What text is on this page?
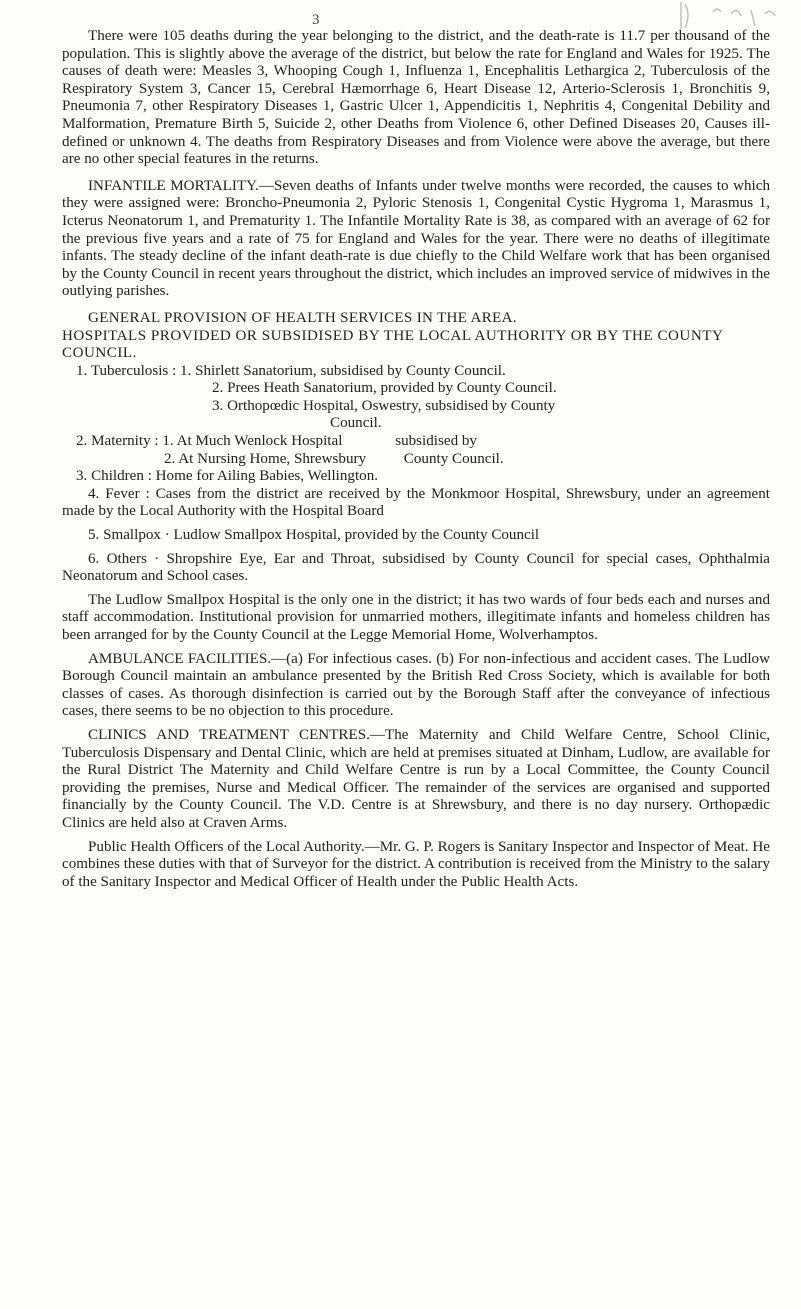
3

There were 105 deaths during the year belonging to the district, and the death-rate is 11.7 per thousand of the population. This is slightly above the average of the district, but below the rate for England and Wales for 1925. The causes of death were: Measles 3, Whooping Cough 1, Influenza 1, Encephalitis Lethargica 2, Tuberculosis of the Respiratory System 3, Cancer 15, Cerebral Hæmorrhage 6, Heart Disease 12, Arterio-Sclerosis 1, Bronchitis 9, Pneumonia 7, other Respiratory Diseases 1, Gastric Ulcer 1, Appendicitis 1, Nephritis 4, Congenital Debility and Malformation, Premature Birth 5, Suicide 2, other Deaths from Violence 6, other Defined Diseases 20, Causes ill-defined or unknown 4. The deaths from Respiratory Diseases and from Violence were above the average, but there are no other special features in the returns.

INFANTILE MORTALITY.—Seven deaths of Infants under twelve months were recorded, the causes to which they were assigned were: Broncho-Pneumonia 2, Pyloric Stenosis 1, Congenital Cystic Hygroma 1, Marasmus 1, Icterus Neonatorum 1, and Prematurity 1. The Infantile Mortality Rate is 38, as compared with an average of 62 for the previous five years and a rate of 75 for England and Wales for the year. There were no deaths of illegitimate infants. The steady decline of the infant death-rate is due chiefly to the Child Welfare work that has been organised by the County Council in recent years throughout the district, which includes an improved service of midwives in the outlying parishes.

GENERAL PROVISION OF HEALTH SERVICES IN THE AREA.

HOSPITALS PROVIDED OR SUBSIDISED BY THE LOCAL AUTHORITY OR BY THE COUNTY COUNCIL.

1. Tuberculosis : 1. Shirlett Sanatorium, subsidised by County Council.

2. Prees Heath Sanatorium, provided by County Council.

3. Orthopœdic Hospital, Oswestry, subsidised by County

Council.

2. Maternity : 1. At Much Wenlock Hospital              subsidised by

2. At Nursing Home, Shrewsbury          County Council.

3. Children : Home for Ailing Babies, Wellington.

4. Fever : Cases from the district are received by the Monkmoor Hospital, Shrewsbury, under an agreement made by the Local Authority with the Hospital Board

5. Smallpox · Ludlow Smallpox Hospital, provided by the County Council

6. Others · Shropshire Eye, Ear and Throat, subsidised by County Council for special cases, Ophthalmia Neonatorum and School cases.

The Ludlow Smallpox Hospital is the only one in the district; it has two wards of four beds each and nurses and staff accommodation. Institutional provision for unmarried mothers, illegitimate infants and homeless children has been arranged for by the County Council at the Legge Memorial Home, Wolverhamptos.

AMBULANCE FACILITIES.—(a) For infectious cases. (b) For non-infectious and accident cases. The Ludlow Borough Council maintain an ambulance presented by the British Red Cross Society, which is available for both classes of cases. As thorough disinfection is carried out by the Borough Staff after the conveyance of infectious cases, there seems to be no objection to this procedure.

CLINICS AND TREATMENT CENTRES.—The Maternity and Child Welfare Centre, School Clinic, Tuberculosis Dispensary and Dental Clinic, which are held at premises situated at Dinham, Ludlow, are available for the Rural District The Maternity and Child Welfare Centre is run by a Local Committee, the County Council providing the premises, Nurse and Medical Officer. The remainder of the services are organised and supported financially by the County Council. The V.D. Centre is at Shrewsbury, and there is no day nursery. Orthopædic Clinics are held also at Craven Arms.

Public Health Officers of the Local Authority.—Mr. G. P. Rogers is Sanitary Inspector and Inspector of Meat. He combines these duties with that of Surveyor for the district. A contribution is received from the Ministry to the salary of the Sanitary Inspector and Medical Officer of Health under the Public Health Acts.
